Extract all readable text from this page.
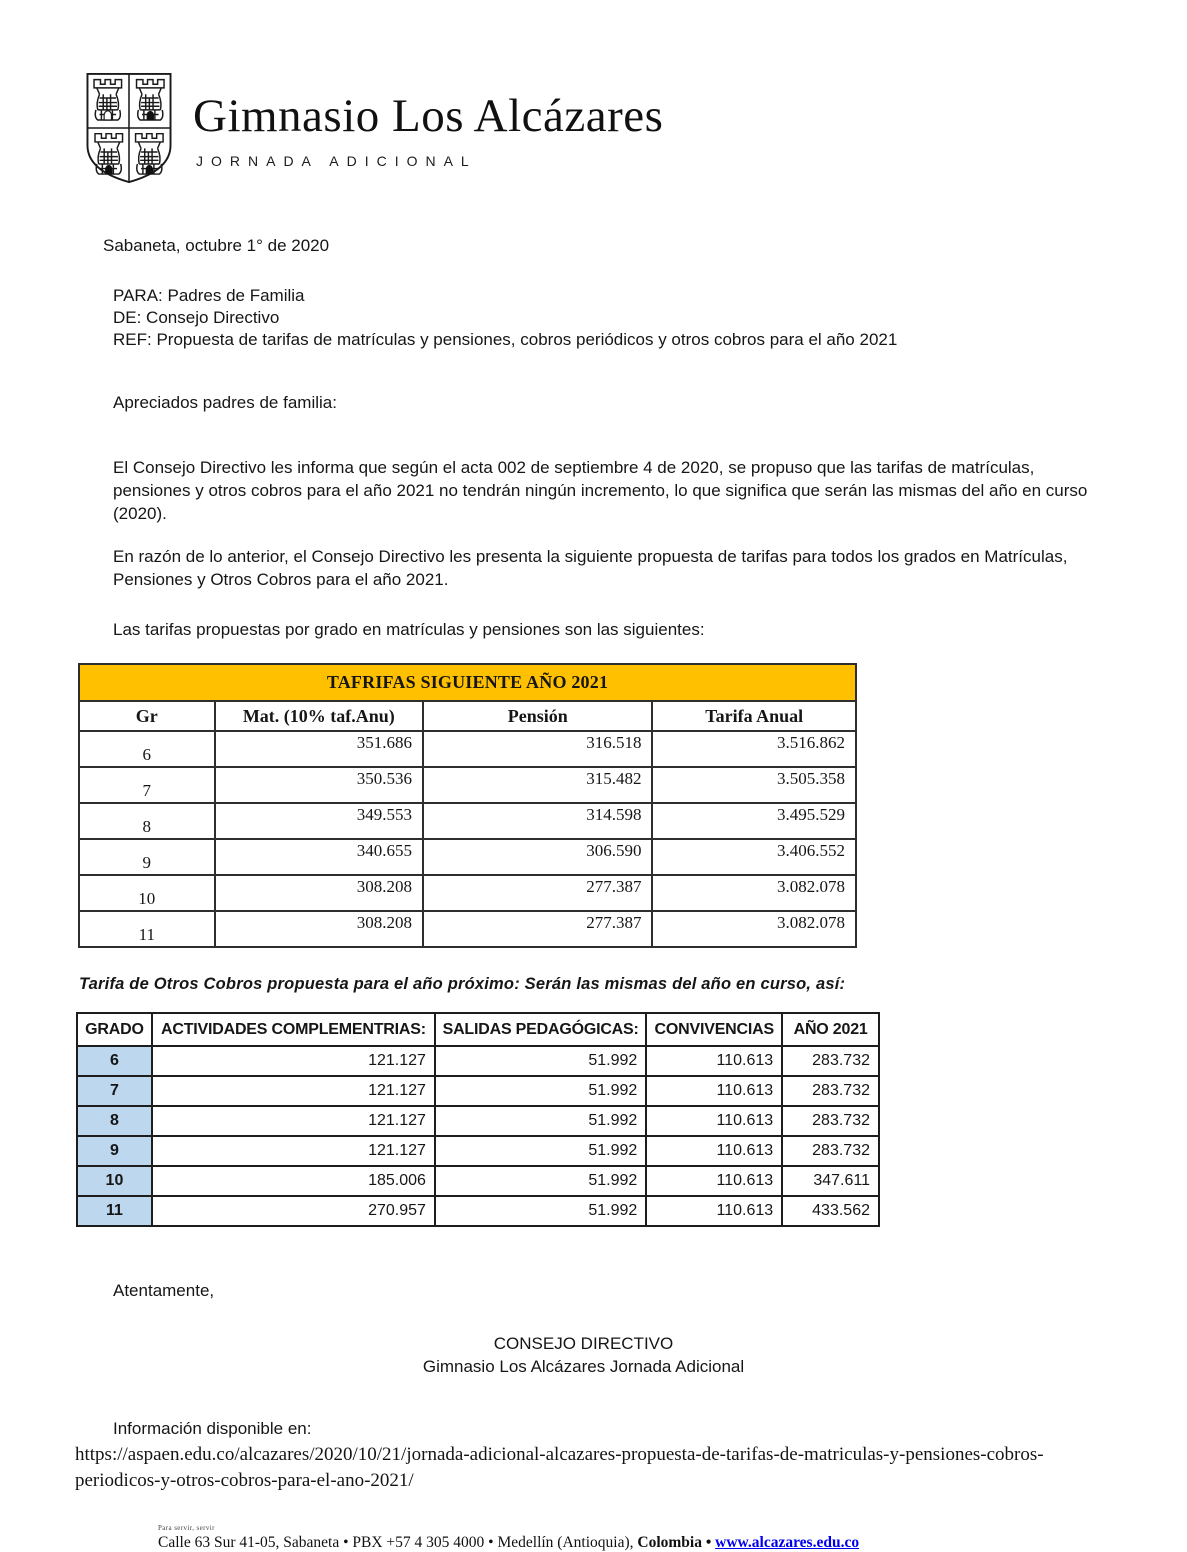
Gimnasio Los Alcázares
JORNADA ADICIONAL
Sabaneta, octubre 1° de 2020
PARA: Padres de Familia
DE: Consejo Directivo
REF: Propuesta de tarifas de matrículas y pensiones, cobros periódicos y otros cobros para el año 2021
Apreciados padres de familia:

El Consejo Directivo les informa que según el acta 002 de septiembre 4 de 2020, se propuso que las tarifas de matrículas, pensiones y otros cobros para el año 2021 no tendrán ningún incremento, lo que significa que serán las mismas del año en curso (2020).

En razón de lo anterior, el Consejo Directivo les presenta la siguiente propuesta de tarifas para todos los grados en Matrículas, Pensiones y Otros Cobros para el año 2021.

Las tarifas propuestas por grado en matrículas y pensiones son las siguientes:

TAFRIFAS SIGUIENTE AÑO 2021			
Gr	Mat. (10% taf.Anu)	Pensión	Tarifa Anual
6	351.686	316.518	3.516.862
7	350.536	315.482	3.505.358
8	349.553	314.598	3.495.529
9	340.655	306.590	3.406.552
10	308.208	277.387	3.082.078
11	308.208	277.387	3.082.078
Tarifa de Otros Cobros propuesta para el año próximo: Serán las mismas del año en curso, así:
GRADO	ACTIVIDADES COMPLEMENTRIAS:	SALIDAS PEDAGÓGICAS:	CONVIVENCIAS	AÑO 2021
6	121.127	51.992	110.613	283.732
7	121.127	51.992	110.613	283.732
8	121.127	51.992	110.613	283.732
9	121.127	51.992	110.613	283.732
10	185.006	51.992	110.613	347.611
11	270.957	51.992	110.613	433.562
Atentamente,
CONSEJO DIRECTIVO
Gimnasio Los Alcázares Jornada Adicional
Información disponible en:
https://aspaen.edu.co/alcazares/2020/10/21/jornada-adicional-alcazares-propuesta-de-tarifas-de-matriculas-y-pensiones-cobros-periodicos-y-otros-cobros-para-el-ano-2021/
Para servir, servir
Calle 63 Sur 41-05, Sabaneta • PBX +57 4 305 4000 • Medellín (Antioquia), Colombia • www.alcazares.edu.co
